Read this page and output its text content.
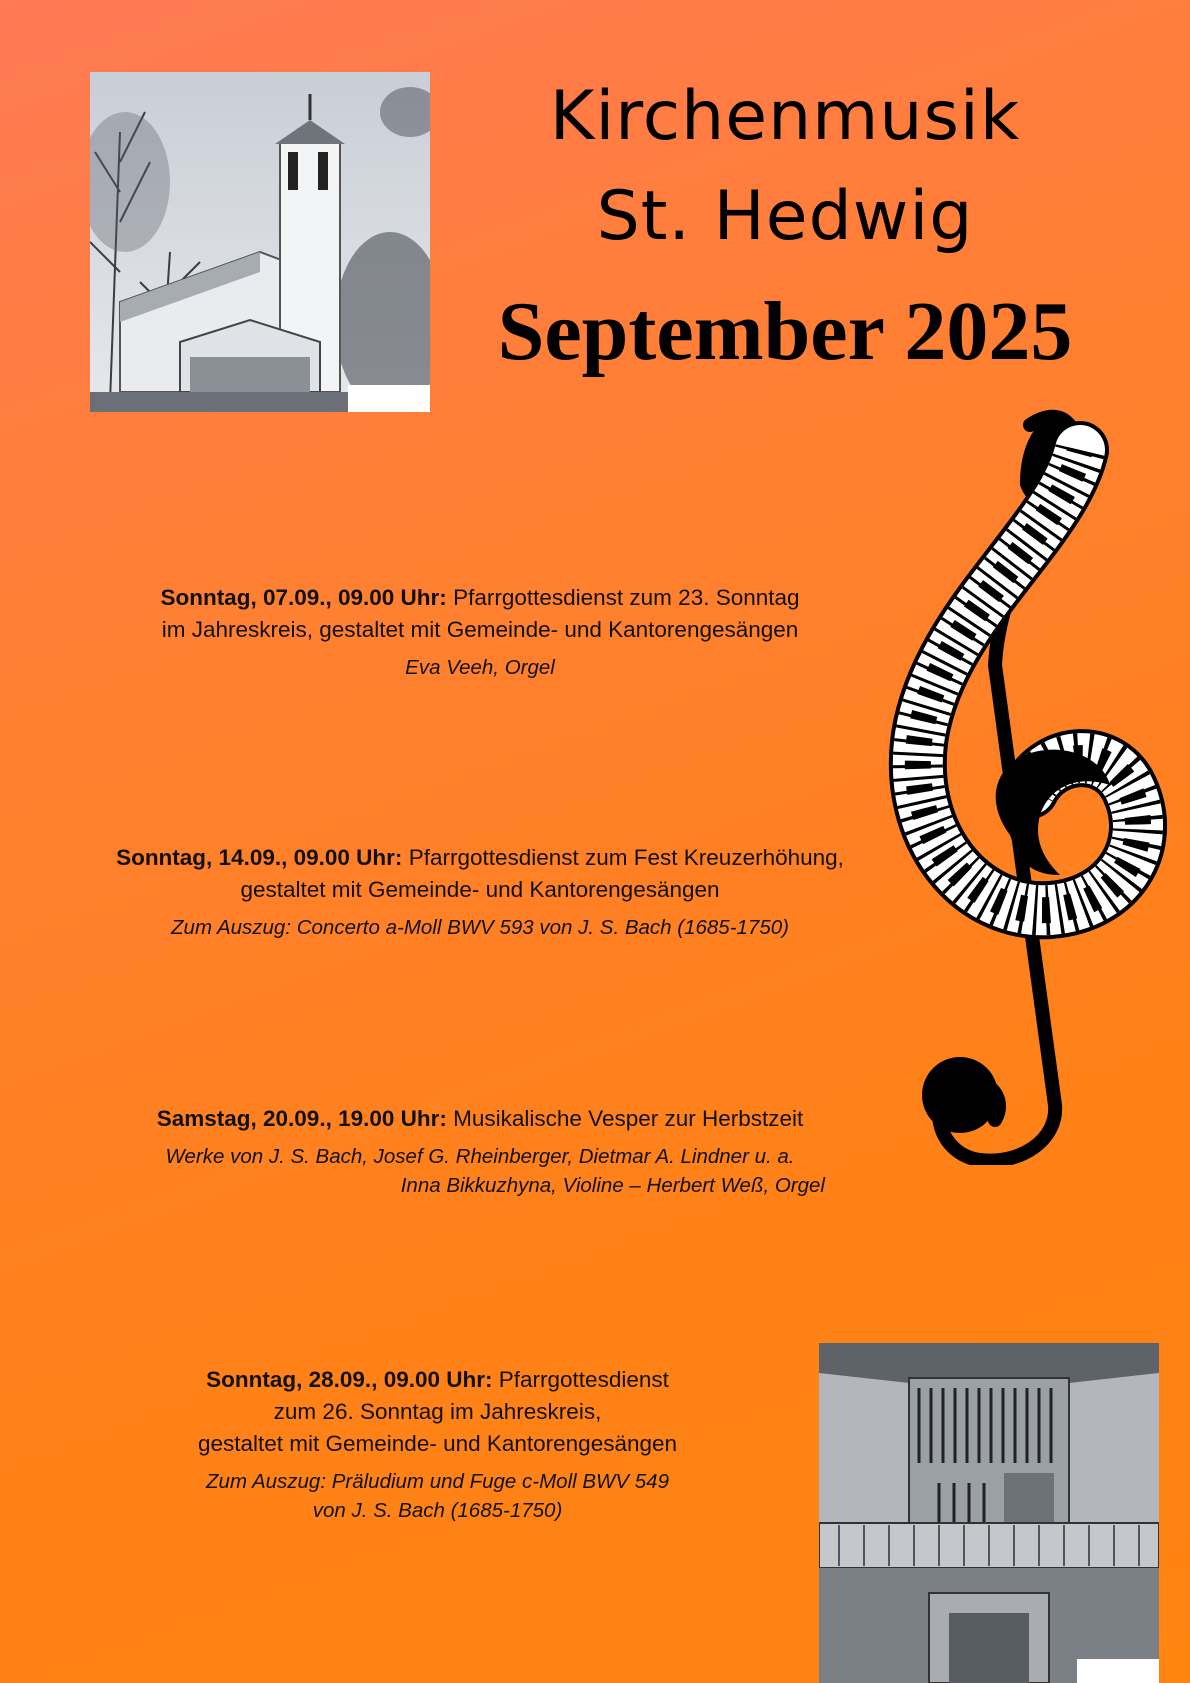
Kirchenmusik
St. Hedwig
September 2025
Sonntag, 07.09., 09.00 Uhr: Pfarrgottesdienst zum 23. Sonntag
im Jahreskreis, gestaltet mit Gemeinde- und Kantorengesängen
Eva Veeh, Orgel
Sonntag, 14.09., 09.00 Uhr: Pfarrgottesdienst zum Fest Kreuzerhöhung,
gestaltet mit Gemeinde- und Kantorengesängen
Zum Auszug: Concerto a-Moll BWV 593 von J. S. Bach (1685-1750)
Samstag, 20.09., 19.00 Uhr: Musikalische Vesper zur Herbstzeit
Werke von J. S. Bach, Josef G. Rheinberger, Dietmar A. Lindner u. a.
Inna Bikkuzhyna, Violine – Herbert Weß, Orgel
Sonntag, 28.09., 09.00 Uhr: Pfarrgottesdienst
zum 26. Sonntag im Jahreskreis,
gestaltet mit Gemeinde- und Kantorengesängen
Zum Auszug: Präludium und Fuge c-Moll BWV 549
von J. S. Bach (1685-1750)
